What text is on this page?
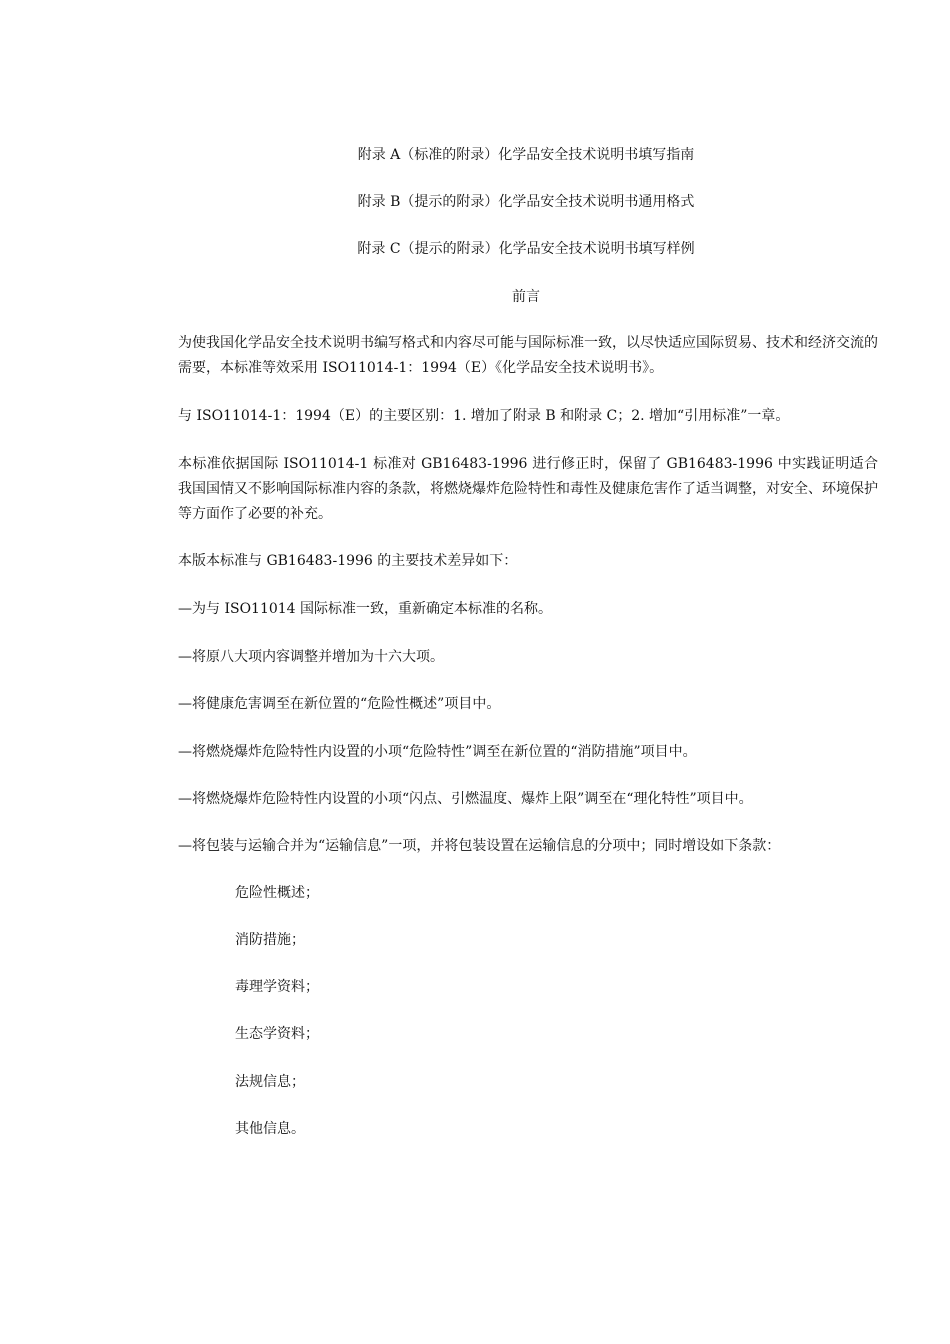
附录 A（标准的附录）化学品安全技术说明书填写指南
附录 B（提示的附录）化学品安全技术说明书通用格式
附录 C（提示的附录）化学品安全技术说明书填写样例
前言
为使我国化学品安全技术说明书编写格式和内容尽可能与国际标准一致，以尽快适应国际贸易、技术和经济交流的需要，本标准等效采用 ISO11014-1：1994（E）《化学品安全技术说明书》。
与 ISO11014-1：1994（E）的主要区别：1. 增加了附录 B 和附录 C；2. 增加“引用标准”一章。
本标准依据国际 ISO11014-1 标准对 GB16483-1996 进行修正时，保留了 GB16483-1996 中实践证明适合我国国情又不影响国际标准内容的条款，将燃烧爆炸危险特性和毒性及健康危害作了适当调整，对安全、环境保护等方面作了必要的补充。
本版本标准与 GB16483-1996 的主要技术差异如下：
—为与 ISO11014 国际标准一致，重新确定本标准的名称。
—将原八大项内容调整并增加为十六大项。
—将健康危害调至在新位置的“危险性概述”项目中。
—将燃烧爆炸危险特性内设置的小项“危险特性”调至在新位置的“消防措施”项目中。
—将燃烧爆炸危险特性内设置的小项“闪点、引燃温度、爆炸上限”调至在“理化特性”项目中。
—将包装与运输合并为“运输信息”一项，并将包装设置在运输信息的分项中；同时增设如下条款：
危险性概述；
消防措施；
毒理学资料；
生态学资料；
法规信息；
其他信息。
